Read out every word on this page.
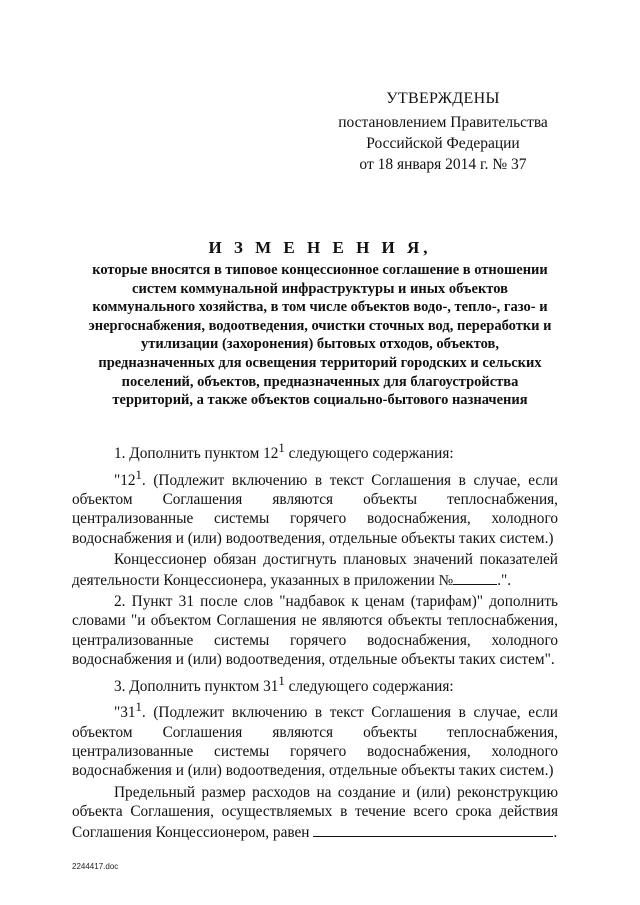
УТВЕРЖДЕНЫ
постановлением Правительства
Российской Федерации
от 18 января 2014 г. № 37
И З М Е Н Е Н И Я,
которые вносятся в типовое концессионное соглашение в отношении
систем коммунальной инфраструктуры и иных объектов
коммунального хозяйства, в том числе объектов водо-, тепло-, газо- и
энергоснабжения, водоотведения, очистки сточных вод, переработки и
утилизации (захоронения) бытовых отходов, объектов,
предназначенных для освещения территорий городских и сельских
поселений, объектов, предназначенных для благоустройства
территорий, а также объектов социально-бытового назначения

1. Дополнить пунктом $12^1$ следующего содержания:

"$12^1$. (Подлежит включению в текст Соглашения в случае, если объектом Соглашения являются объекты теплоснабжения, централизованные системы горячего водоснабжения, холодного водоснабжения и (или) водоотведения, отдельные объекты таких систем.)

Концессионер обязан достигнуть плановых значений показателей деятельности Концессионера, указанных в приложении №	.".

2. Пункт 31 после слов "надбавок к ценам (тарифам)" дополнить словами "и объектом Соглашения не являются объекты теплоснабжения, централизованные системы горячего водоснабжения, холодного водоснабжения и (или) водоотведения, отдельные объекты таких систем".

3. Дополнить пунктом $31^1$ следующего содержания:

"$31^1$. (Подлежит включению в текст Соглашения в случае, если объектом Соглашения являются объекты теплоснабжения, централизованные системы горячего водоснабжения, холодного водоснабжения и (или) водоотведения, отдельные объекты таких систем.)

Предельный размер расходов на создание и (или) реконструкцию объекта Соглашения, осуществляемых в течение всего срока действия Соглашения Концессионером, равен	.

2244417.doc
